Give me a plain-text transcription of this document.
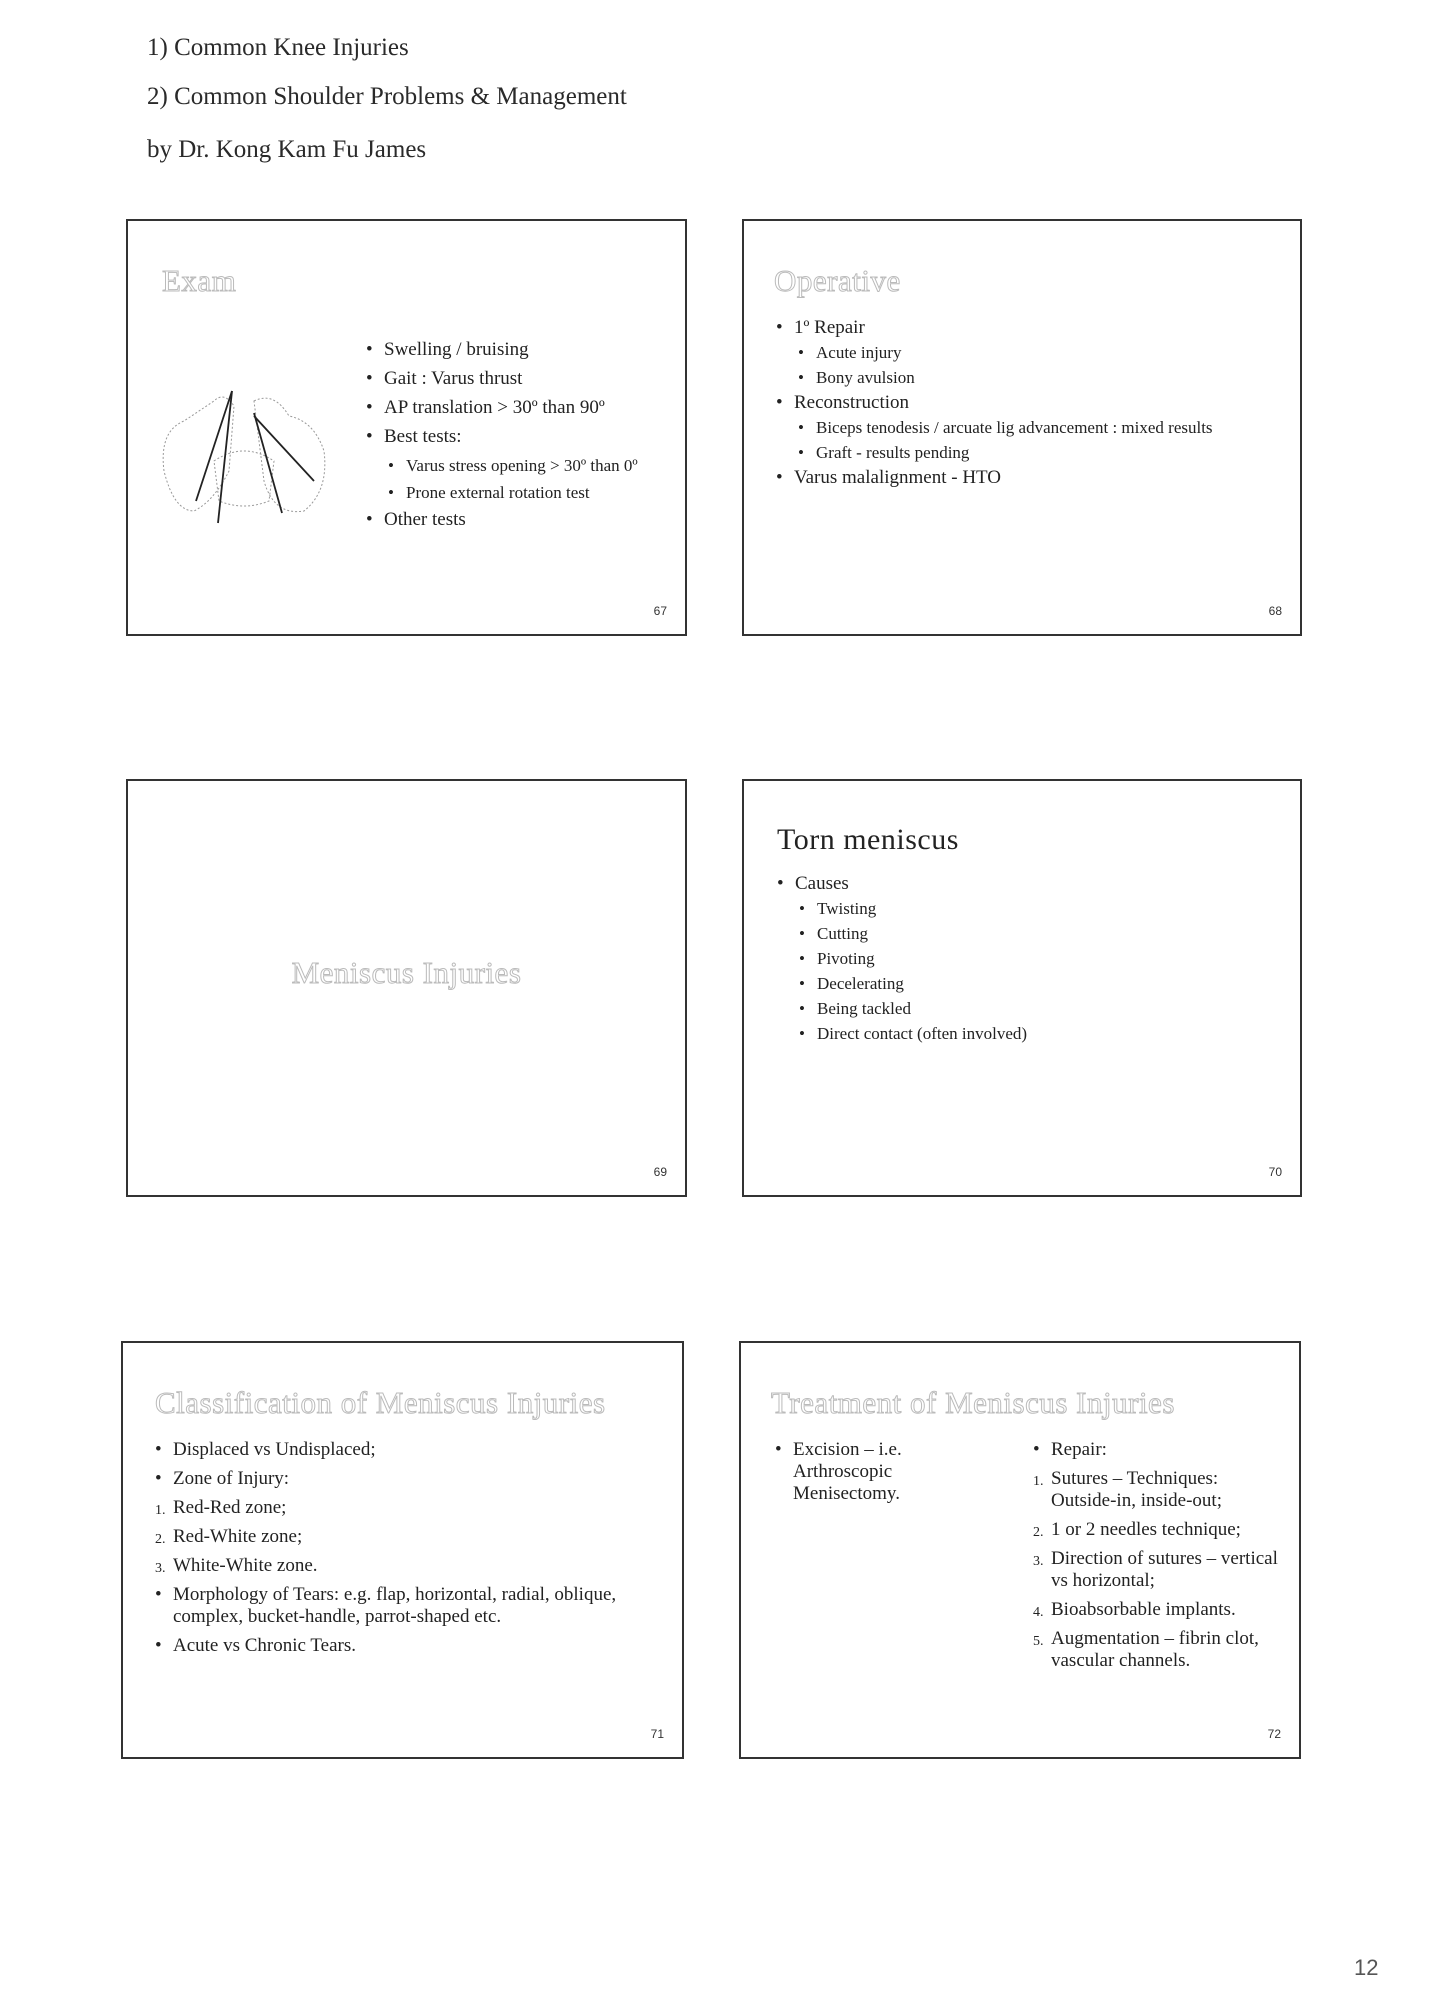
1) Common Knee Injuries
2) Common Shoulder Problems & Management
by Dr. Kong Kam Fu James
Exam
• Swelling / bruising
• Gait : Varus thrust
• AP translation > 30º than 90º
• Best tests:
• Varus stress opening > 30º than 0º
• Prone external rotation test
• Other tests
67
Operative
• 1º Repair
• Acute injury
• Bony avulsion
• Reconstruction
• Biceps tenodesis / arcuate lig advancement : mixed results
• Graft - results pending
• Varus malalignment - HTO
68
Meniscus Injuries
69
Torn meniscus
• Causes
• Twisting
• Cutting
• Pivoting
• Decelerating
• Being tackled
• Direct contact (often involved)
70
Classification of Meniscus Injuries
• Displaced vs Undisplaced;
• Zone of Injury:
1. Red-Red zone;
2. Red-White zone;
3. White-White zone.
• Morphology of Tears: e.g. flap, horizontal, radial, oblique, complex, bucket-handle, parrot-shaped etc.
• Acute vs Chronic Tears.
71
Treatment of Meniscus Injuries
• Excision – i.e. Arthroscopic Menisectomy.
• Repair:
1. Sutures – Techniques: Outside-in, inside-out;
2. 1 or 2 needles technique;
3. Direction of sutures – vertical vs horizontal;
4. Bioabsorbable implants.
5. Augmentation – fibrin clot, vascular channels.
72
12
